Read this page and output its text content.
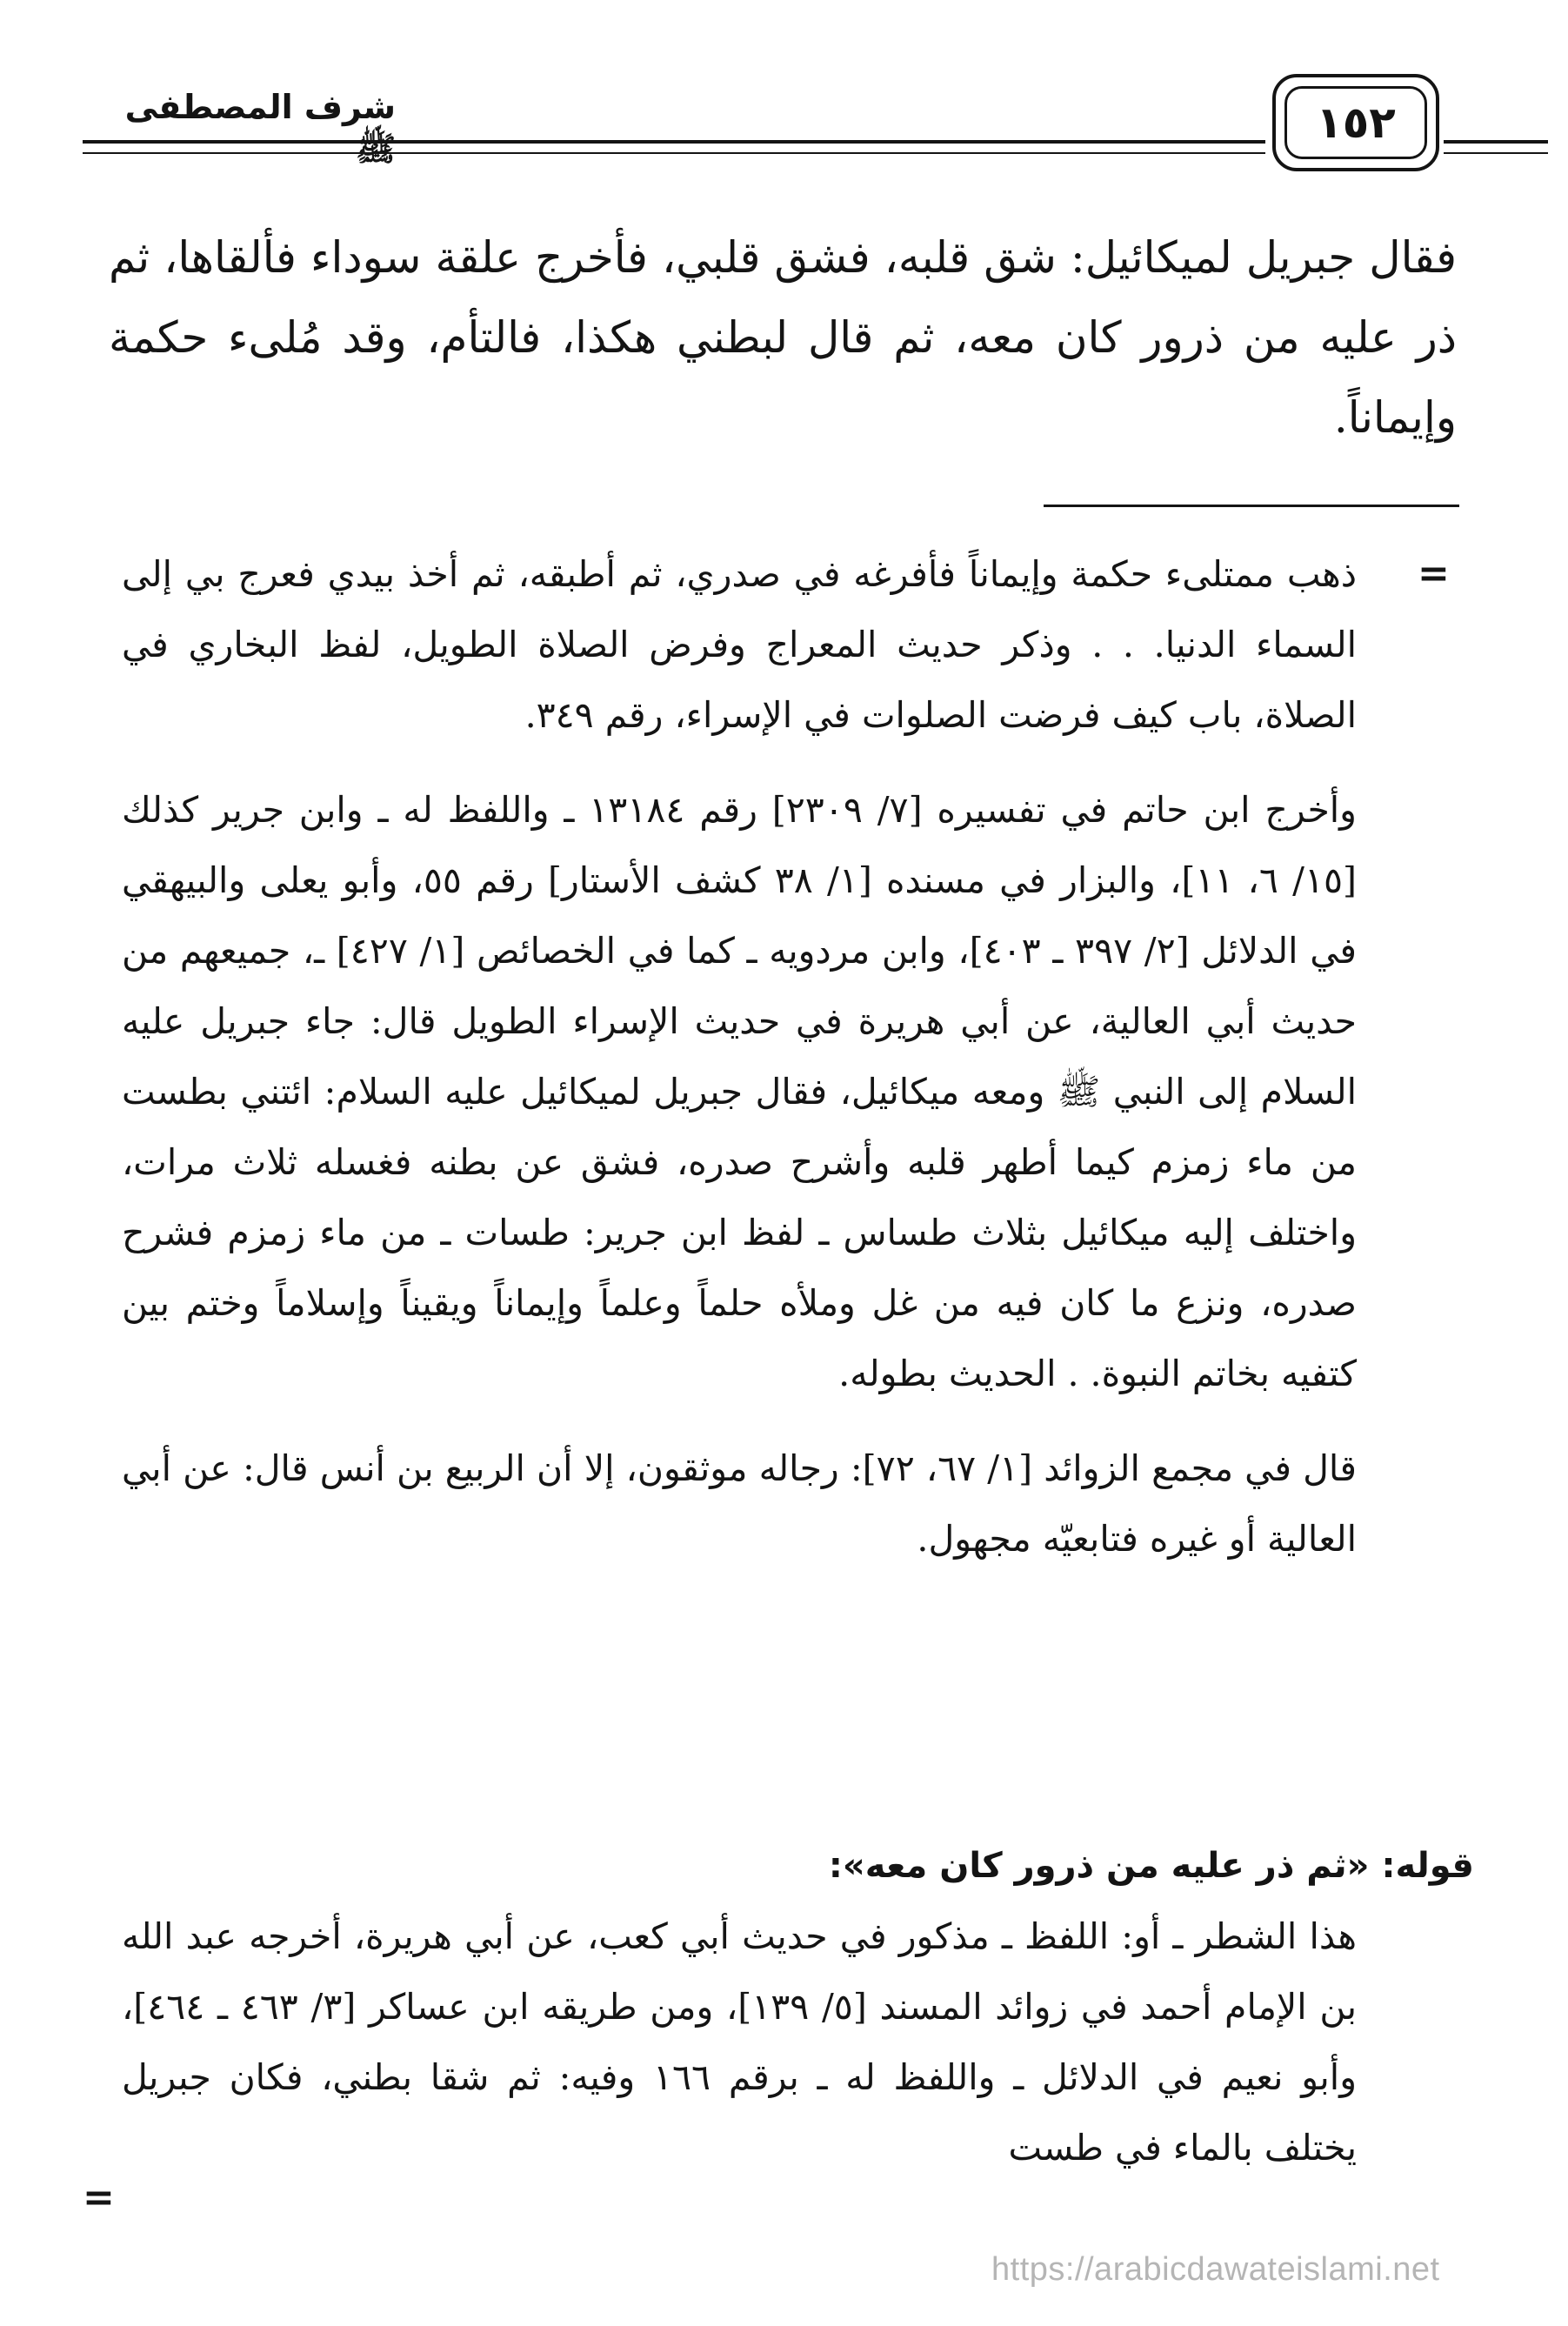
شرف المصطفى ﷺ
١٥٢

فقال جبريل لميكائيل: شق قلبه، فشق قلبي، فأخرج علقة سوداء فألقاها، ثم ذر عليه من ذرور كان معه، ثم قال لبطني هكذا، فالتأم، وقد مُلىء حكمة وإيماناً.

=

ذهب ممتلىء حكمة وإيماناً فأفرغه في صدري، ثم أطبقه، ثم أخذ بيدي فعرج بي إلى السماء الدنيا. . . وذكر حديث المعراج وفرض الصلاة الطويل، لفظ البخاري في الصلاة، باب كيف فرضت الصلوات في الإسراء، رقم ٣٤٩.

وأخرج ابن حاتم في تفسيره [٧/ ٢٣٠٩] رقم ١٣١٨٤ ـ واللفظ له ـ وابن جرير كذلك [١٥/ ٦، ١١]، والبزار في مسنده [١/ ٣٨ كشف الأستار] رقم ٥٥، وأبو يعلى والبيهقي في الدلائل [٢/ ٣٩٧ ـ ٤٠٣]، وابن مردويه ـ كما في الخصائص [١/ ٤٢٧] ـ، جميعهم من حديث أبي العالية، عن أبي هريرة في حديث الإسراء الطويل قال: جاء جبريل عليه السلام إلى النبي ﷺ ومعه ميكائيل، فقال جبريل لميكائيل عليه السلام: ائتني بطست من ماء زمزم كيما أطهر قلبه وأشرح صدره، فشق عن بطنه فغسله ثلاث مرات، واختلف إليه ميكائيل بثلاث طساس ـ لفظ ابن جرير: طسات ـ من ماء زمزم فشرح صدره، ونزع ما كان فيه من غل وملأه حلماً وعلماً وإيماناً ويقيناً وإسلاماً وختم بين كتفيه بخاتم النبوة. . الحديث بطوله.

قال في مجمع الزوائد [١/ ٦٧، ٧٢]: رجاله موثقون، إلا أن الربيع بن أنس قال: عن أبي العالية أو غيره فتابعيّه مجهول.

قوله: «ثم ذر عليه من ذرور كان معه»:
هذا الشطر ـ أو: اللفظ ـ مذكور في حديث أبي كعب، عن أبي هريرة، أخرجه عبد الله بن الإمام أحمد في زوائد المسند [٥/ ١٣٩]، ومن طريقه ابن عساكر [٣/ ٤٦٣ ـ ٤٦٤]، وأبو نعيم في الدلائل ـ واللفظ له ـ برقم ١٦٦ وفيه: ثم شقا بطني، فكان جبريل يختلف بالماء في طست
=
https://arabicdawateislami.net
